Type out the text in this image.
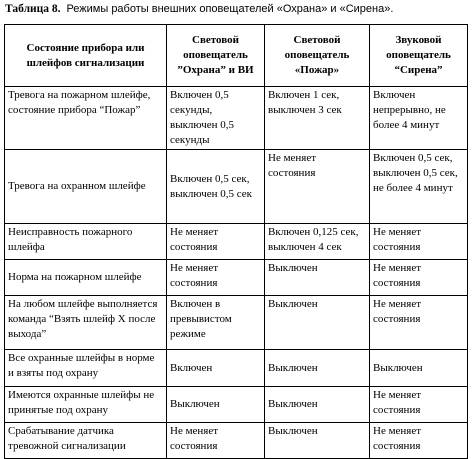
Таблица 8. Режимы работы внешних оповещателей «Охрана» и «Сирена».
Состояние прибора или шлейфов сигнализации	Световой оповещатель ”Охрана” и ВИ	Световой оповещатель «Пожар»	Звуковой оповещатель “Сирена”
Тревога на пожарном шлейфе, состояние прибора “Пожар”	Включен 0,5 секунды, выключен 0,5 секунды	Включен 1 сек, выключен 3 сек	Включен непрерывно, не более 4 минут
Тревога на охранном шлейфе	Включен 0,5 сек, выключен 0,5 сек	Не меняет состояния	Включен 0,5 сек, выключен 0,5 сек, не более 4 минут
Неисправность пожарного шлейфа	Не меняет состояния	Включен 0,125 сек, выключен 4 сек	Не меняет состояния
Норма на пожарном шлейфе	Не меняет состояния	Выключен	Не меняет состояния
На любом шлейфе выполняется команда “Взять шлейф X после выхода”	Включен в превывистом режиме	Выключен	Не меняет состояния
Все охранные шлейфы в норме и взяты под охрану	Включен	Выключен	Выключен
Имеются охранные шлейфы не принятые под охрану	Выключен	Выключен	Не меняет состояния
Срабатывание датчика тревожной сигнализации	Не меняет состояния	Выключен	Не меняет состояния
